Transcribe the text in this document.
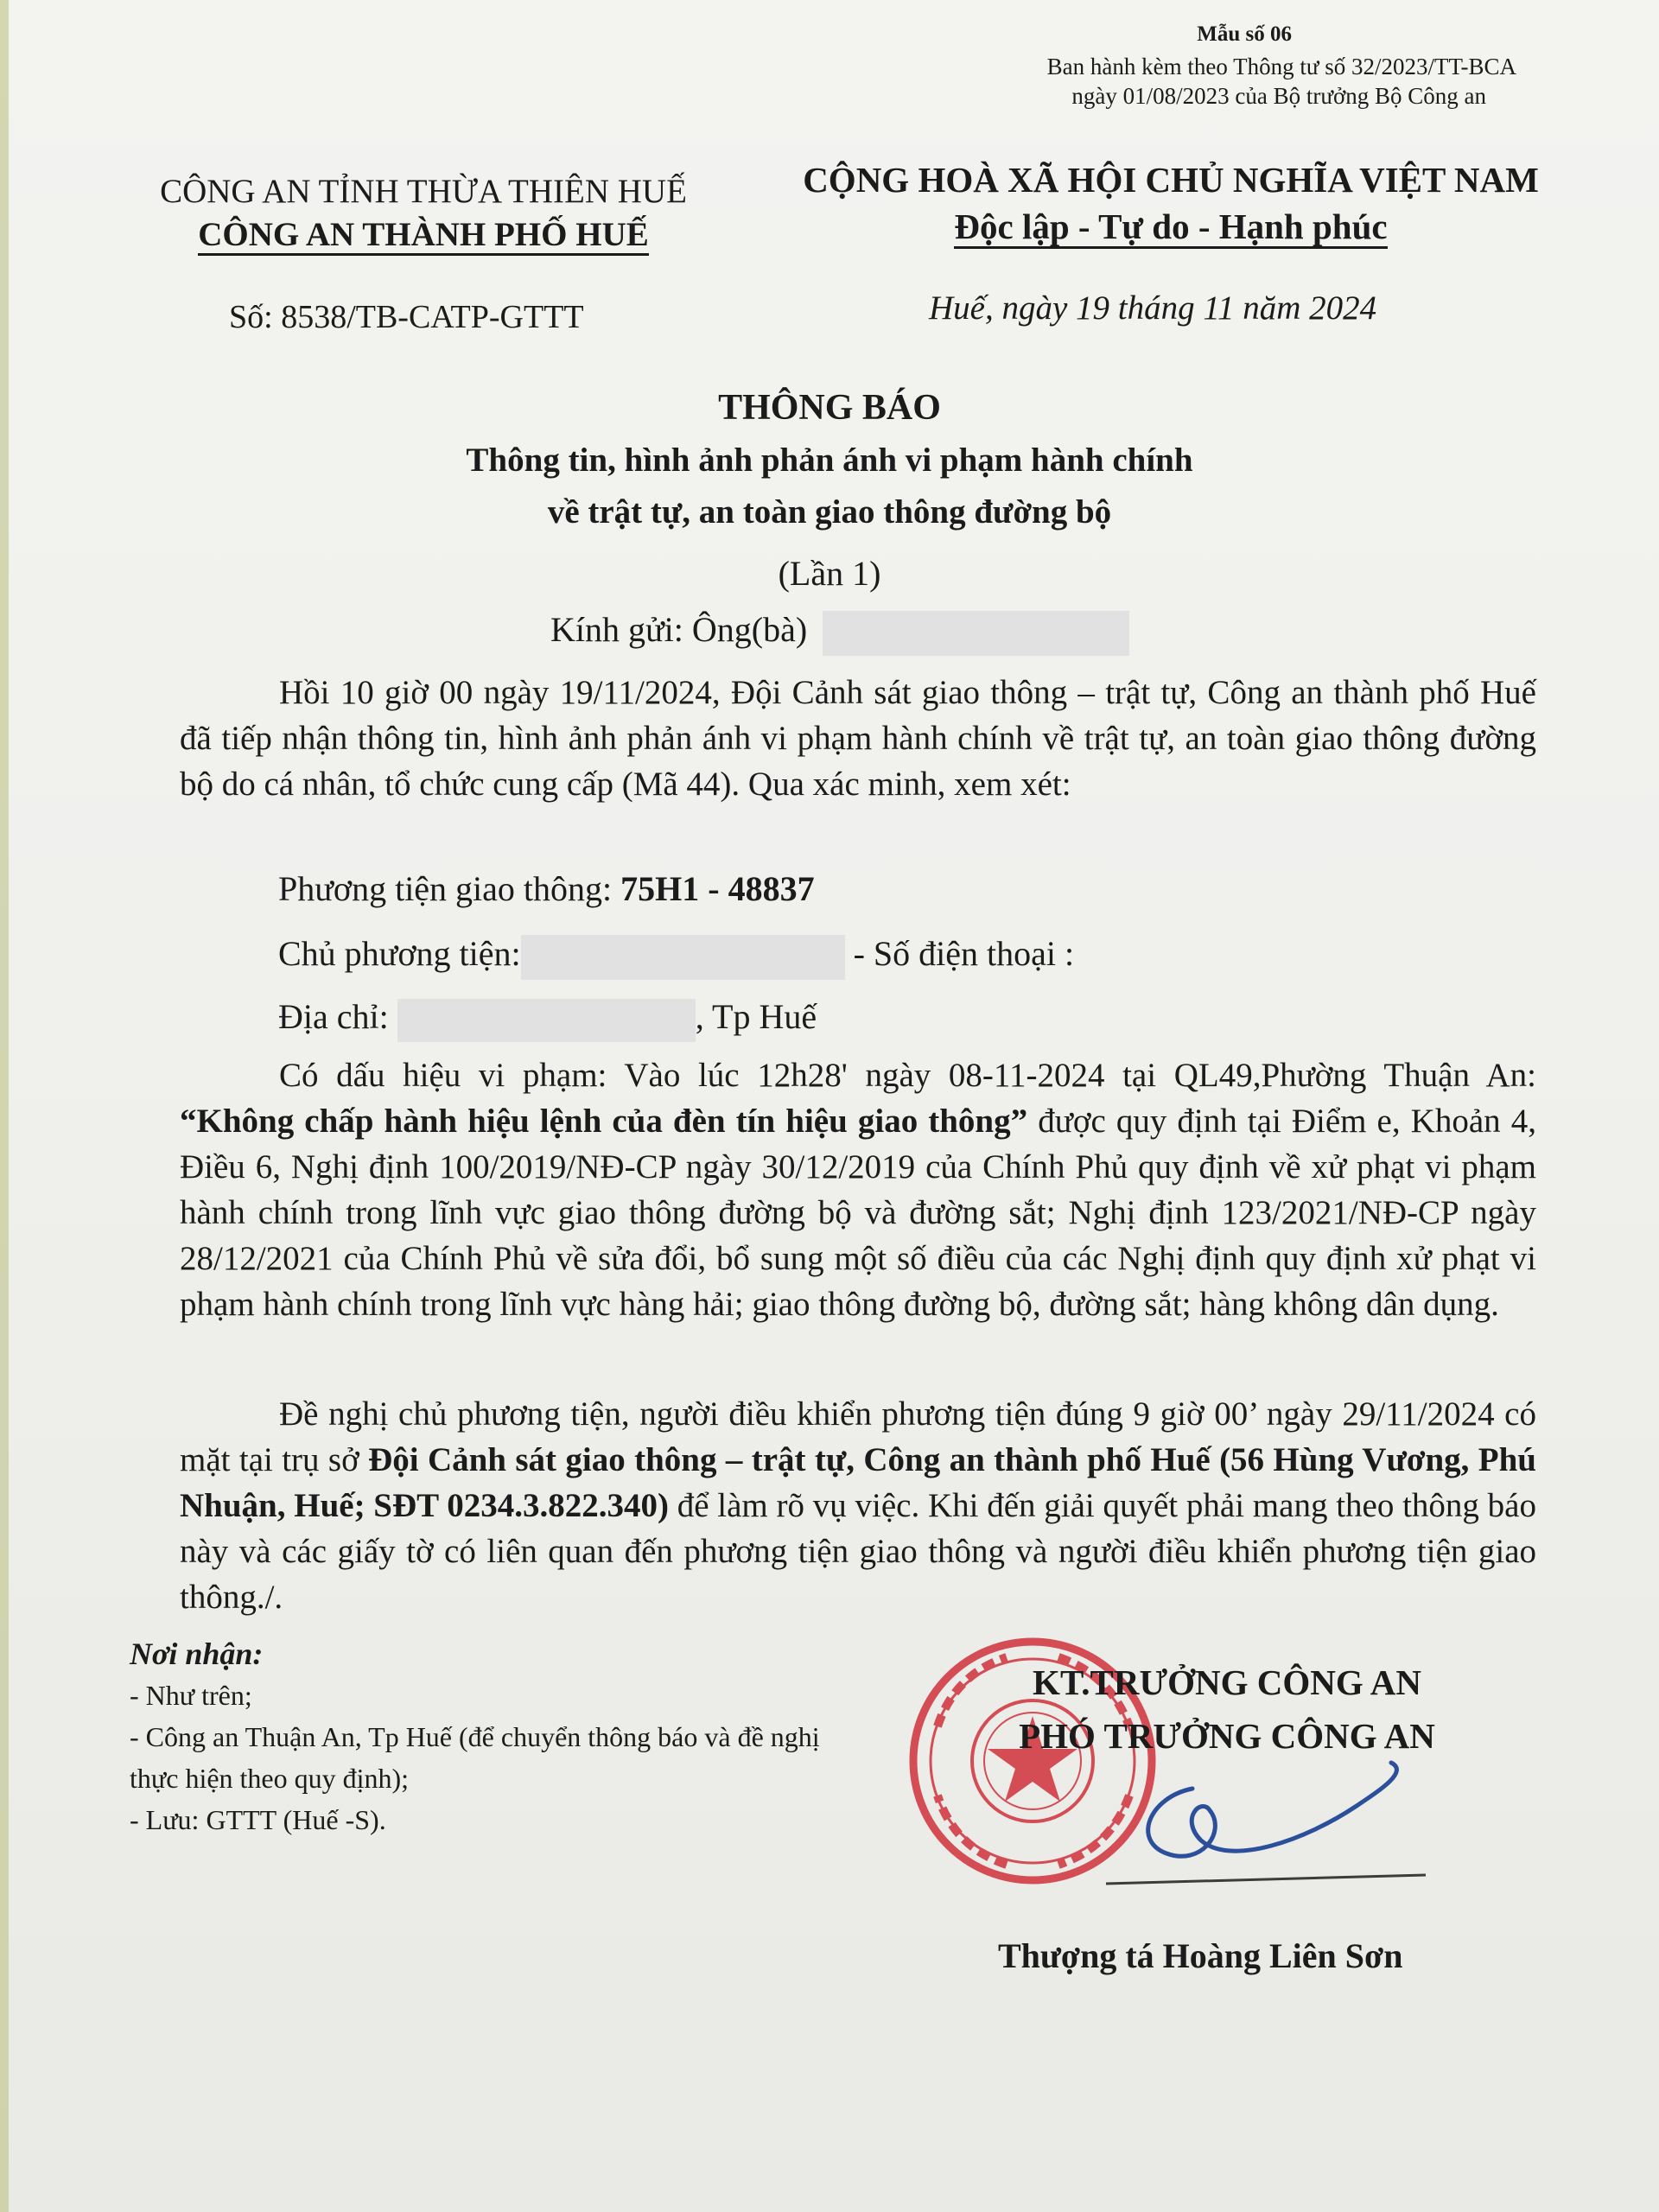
Mẫu số 06
Ban hành kèm theo Thông tư số 32/2023/TT-BCA
ngày 01/08/2023 của Bộ trưởng Bộ Công an
CÔNG AN TỈNH THỪA THIÊN HUẾ
CÔNG AN THÀNH PHỐ HUẾ
Số: 8538/TB-CATP-GTTT
CỘNG HOÀ XÃ HỘI CHỦ NGHĨA VIỆT NAM
Độc lập - Tự do - Hạnh phúc
Huế, ngày 19 tháng 11 năm 2024
THÔNG BÁO
Thông tin, hình ảnh phản ánh vi phạm hành chính
về trật tự, an toàn giao thông đường bộ
(Lần 1)
Kính gửi: Ông(bà)
Hồi 10 giờ 00 ngày 19/11/2024, Đội Cảnh sát giao thông – trật tự, Công an thành phố Huế đã tiếp nhận thông tin, hình ảnh phản ánh vi phạm hành chính về trật tự, an toàn giao thông đường bộ do cá nhân, tổ chức cung cấp (Mã 44). Qua xác minh, xem xét:
Phương tiện giao thông: 75H1 - 48837
Chủ phương tiện:	- Số điện thoại :
Địa chỉ:	, Tp Huế
Có dấu hiệu vi phạm: Vào lúc 12h28' ngày 08-11-2024 tại QL49,Phường Thuận An: “Không chấp hành hiệu lệnh của đèn tín hiệu giao thông” được quy định tại Điểm e, Khoản 4, Điều 6, Nghị định 100/2019/NĐ-CP ngày 30/12/2019 của Chính Phủ quy định về xử phạt vi phạm hành chính trong lĩnh vực giao thông đường bộ và đường sắt; Nghị định 123/2021/NĐ-CP ngày 28/12/2021 của Chính Phủ về sửa đổi, bổ sung một số điều của các Nghị định quy định xử phạt vi phạm hành chính trong lĩnh vực hàng hải; giao thông đường bộ, đường sắt; hàng không dân dụng.
Đề nghị chủ phương tiện, người điều khiển phương tiện đúng 9 giờ 00’ ngày 29/11/2024 có mặt tại trụ sở Đội Cảnh sát giao thông – trật tự, Công an thành phố Huế (56 Hùng Vương, Phú Nhuận, Huế; SĐT 0234.3.822.340) để làm rõ vụ việc. Khi đến giải quyết phải mang theo thông báo này và các giấy tờ có liên quan đến phương tiện giao thông và người điều khiển phương tiện giao thông./.
Nơi nhận:
- Như trên;
- Công an Thuận An, Tp Huế (để chuyển thông báo và đề nghị thực hiện theo quy định);
- Lưu: GTTT (Huế -S).
KT.TRƯỞNG CÔNG AN
PHÓ TRƯỞNG CÔNG AN
Thượng tá Hoàng Liên Sơn
